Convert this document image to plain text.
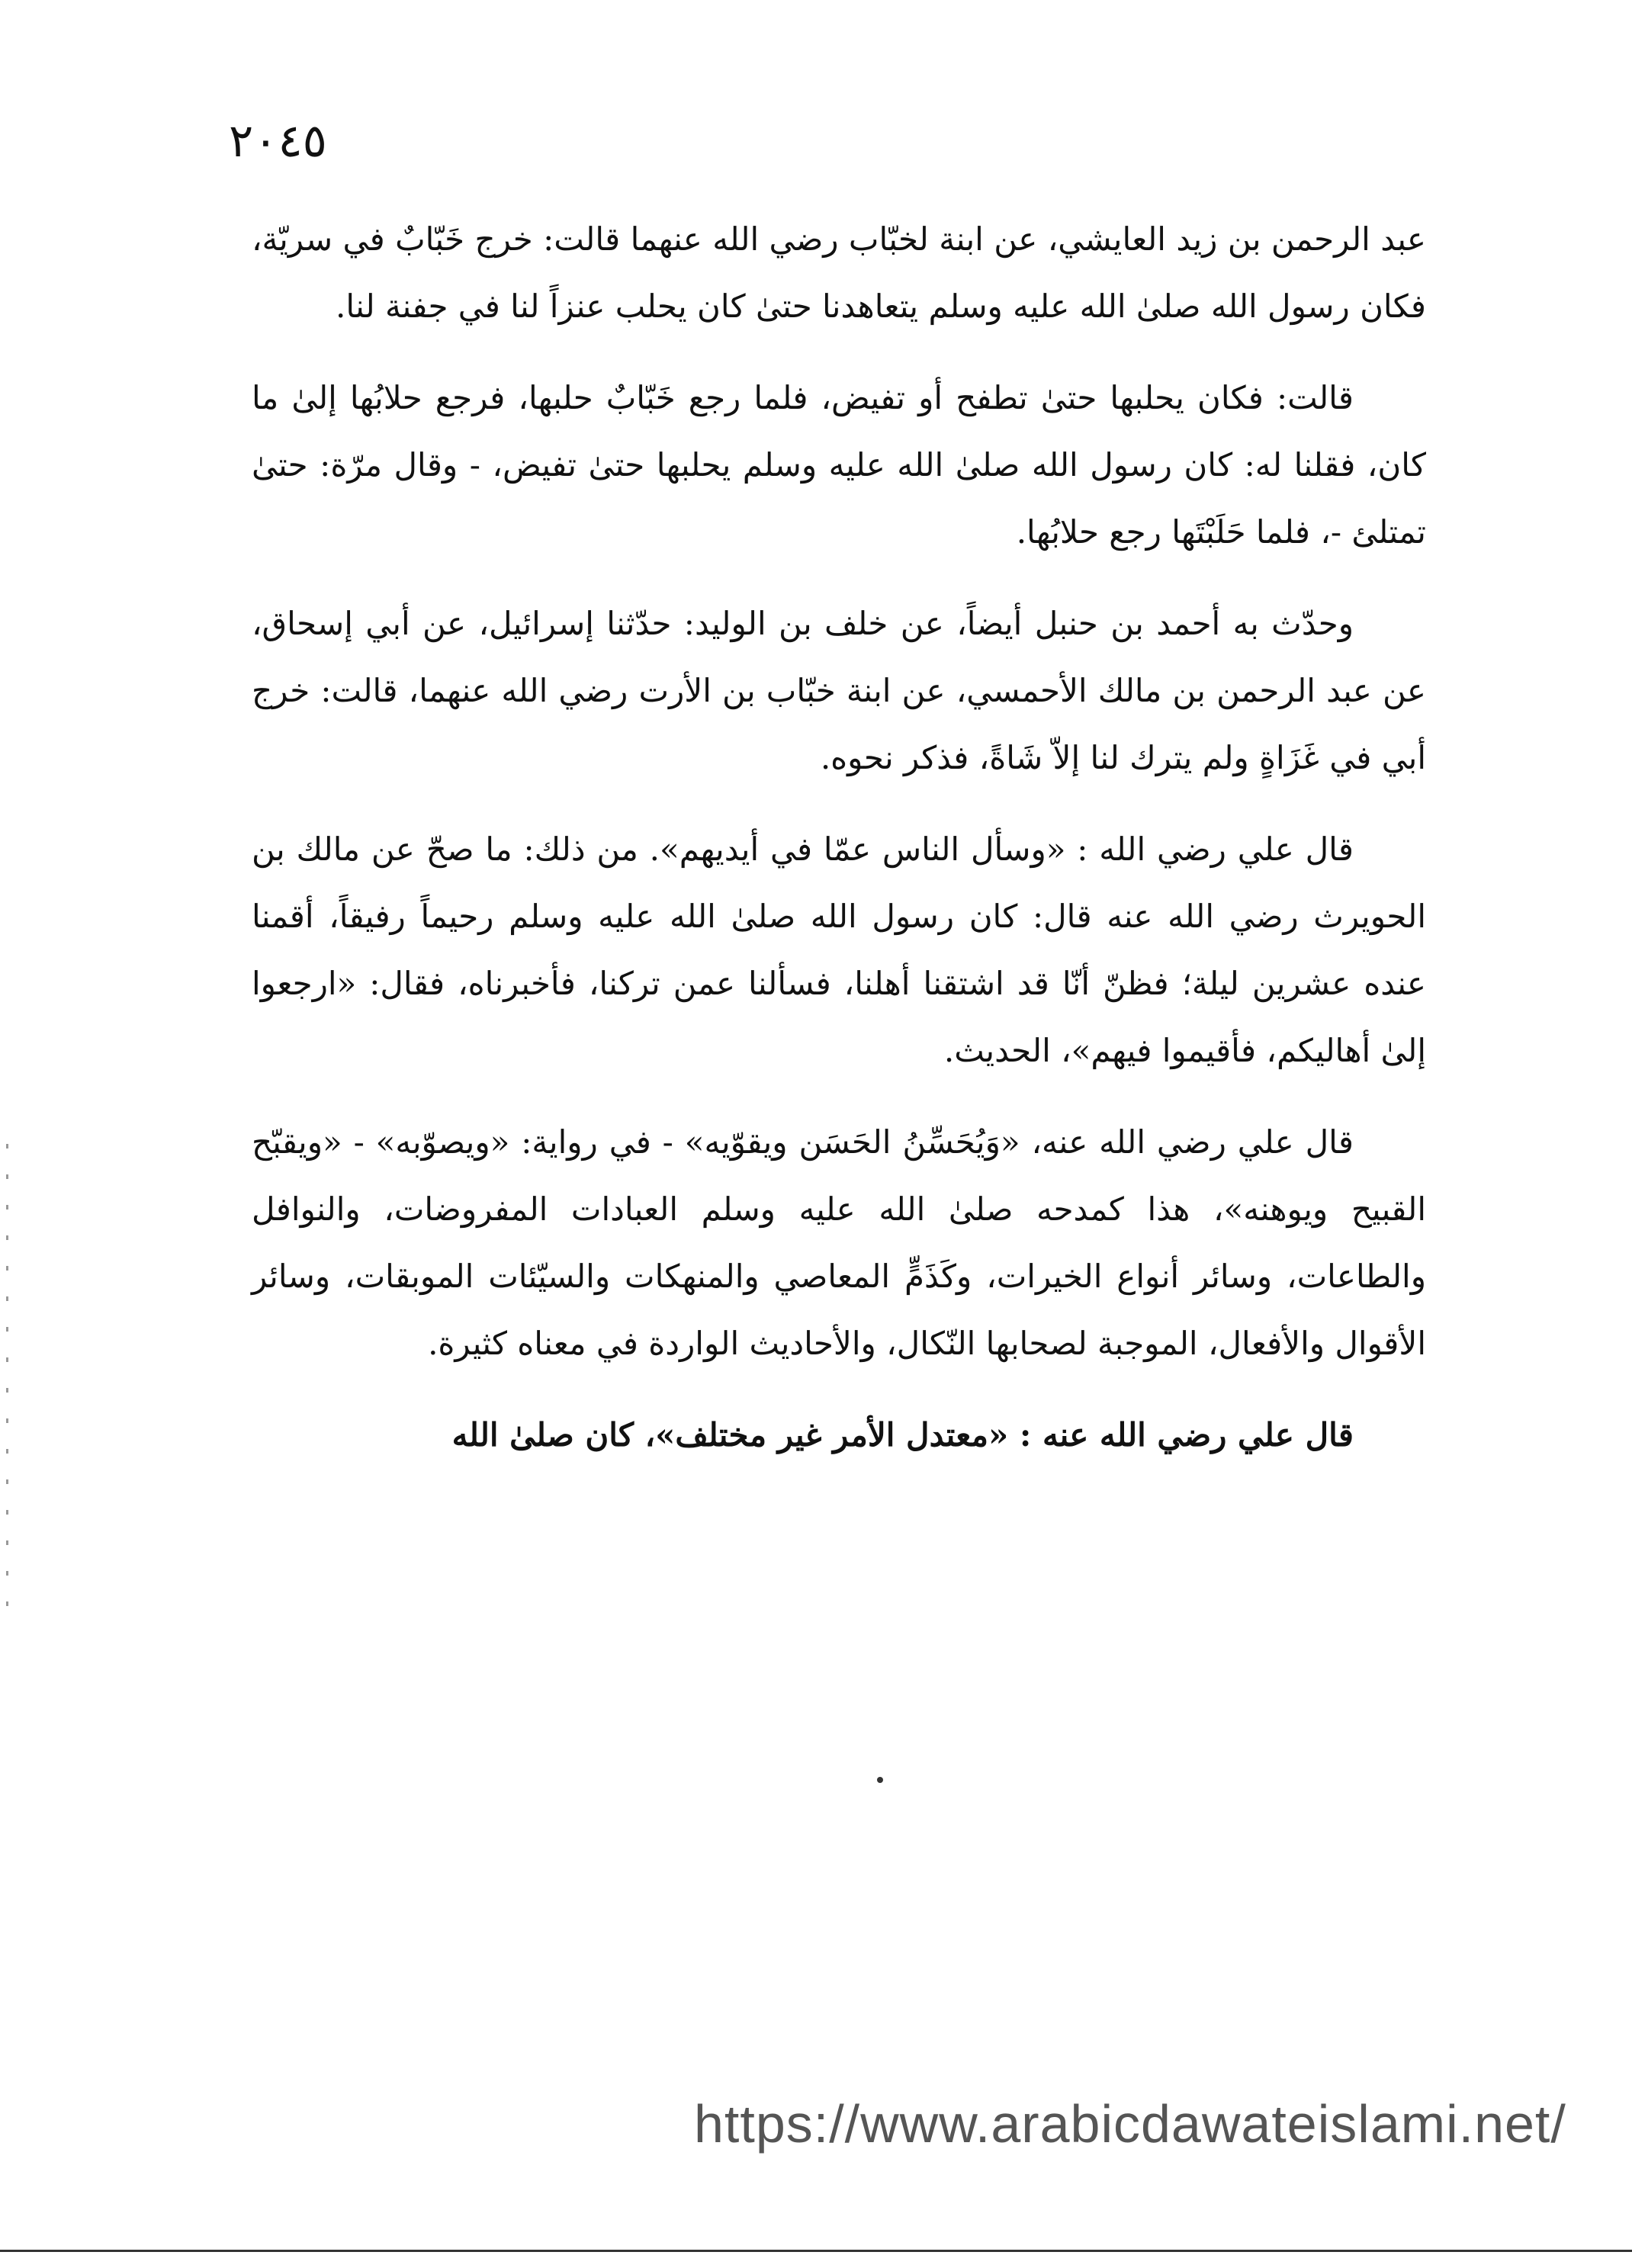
٢٠٤٥

عبد الرحمن بن زيد العايشي، عن ابنة لخبّاب رضي الله عنهما قالت: خرج خَبّابٌ في سريّة، فكان رسول الله صلىٰ الله عليه وسلم يتعاهدنا حتىٰ كان يحلب عنزاً لنا في جفنة لنا.

قالت: فكان يحلبها حتىٰ تطفح أو تفيض، فلما رجع خَبّابٌ حلبها، فرجع حلابُها إلىٰ ما كان، فقلنا له: كان رسول الله صلىٰ الله عليه وسلم يحلبها حتىٰ تفيض، - وقال مرّة: حتىٰ تمتلئ -، فلما حَلَبْتَها رجع حلابُها.

وحدّث به أحمد بن حنبل أيضاً، عن خلف بن الوليد: حدّثنا إسرائيل، عن أبي إسحاق، عن عبد الرحمن بن مالك الأحمسي، عن ابنة خبّاب بن الأرت رضي الله عنهما، قالت: خرج أبي في غَزَاةٍ ولم يترك لنا إلاّ شَاةً، فذكر نحوه.

قال علي رضي الله : «وسأل الناس عمّا في أيديهم». من ذلك: ما صحّ عن مالك بن الحويرث رضي الله عنه قال: كان رسول الله صلىٰ الله عليه وسلم رحيماً رفيقاً، أقمنا عنده عشرين ليلة؛ فظنّ أنّا قد اشتقنا أهلنا، فسألنا عمن تركنا، فأخبرناه، فقال: «ارجعوا إلىٰ أهاليكم، فأقيموا فيهم»، الحديث.

قال علي رضي الله عنه، «وَيُحَسِّنُ الحَسَن ويقوّيه» - في رواية: «ويصوّبه» - «ويقبّح القبيح ويوهنه»، هذا كمدحه صلىٰ الله عليه وسلم العبادات المفروضات، والنوافل والطاعات، وسائر أنواع الخيرات، وكَذَمٍّ المعاصي والمنهكات والسيّئات الموبقات، وسائر الأقوال والأفعال، الموجبة لصحابها النّكال، والأحاديث الواردة في معناه كثيرة.

قال علي رضي الله عنه : «معتدل الأمر غير مختلف»، كان صلىٰ الله

https://www.arabicdawateislami.net/
